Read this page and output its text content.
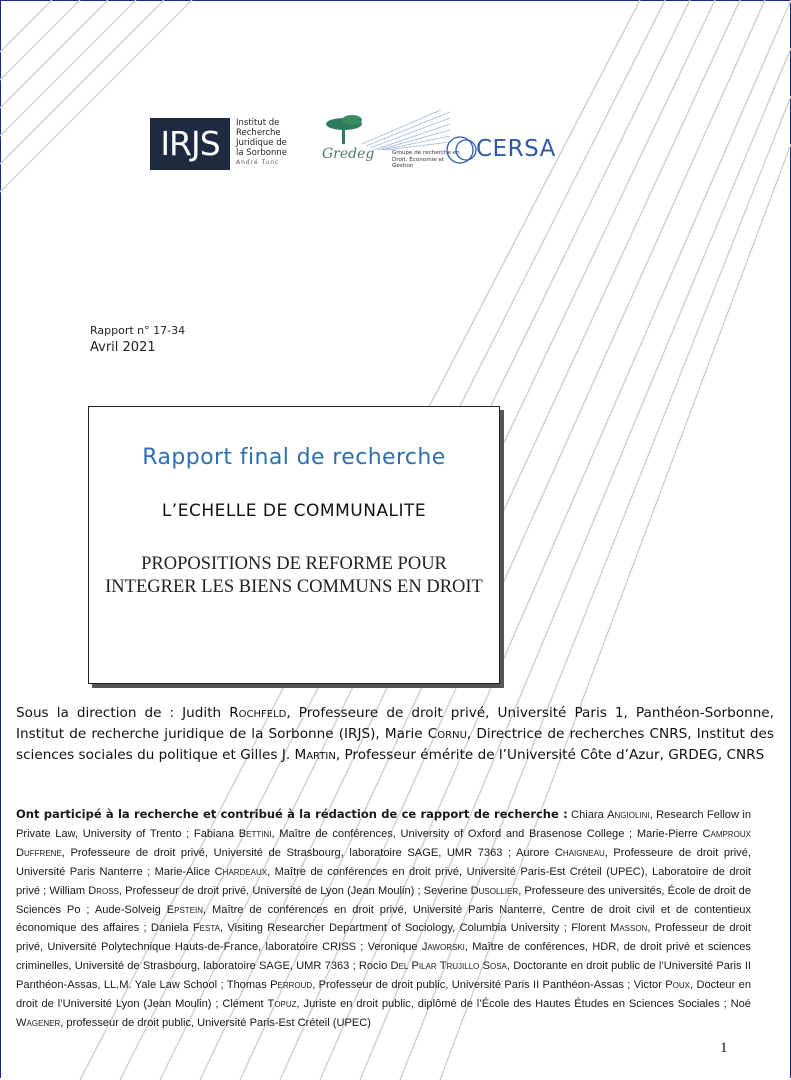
IRJS
Institut de
Recherche
Juridique de
la Sorbonne
André Tunc
Gredeg	Groupe de recherche en Droit, Economie et Gestion
CERSA
Rapport n° 17-34
Avril 2021
Rapport final de recherche
L’ECHELLE DE COMMUNALITE
PROPOSITIONS DE REFORME POUR INTEGRER LES BIENS COMMUNS EN DROIT
Sous la direction de : Judith Rochfeld, Professeure de droit privé, Université Paris 1, Panthéon-Sorbonne, Institut de recherche juridique de la Sorbonne (IRJS), Marie Cornu, Directrice de recherches CNRS, Institut des sciences sociales du politique et Gilles J. Martin, Professeur émérite de l’Université Côte d’Azur, GRDEG, CNRS
Ont participé à la recherche et contribué à la rédaction de ce rapport de recherche : Chiara Angiolini, Research Fellow in Private Law, University of Trento ; Fabiana Bettini, Maître de conférences, University of Oxford and Brasenose College ; Marie-Pierre Camproux Duffrene, Professeure de droit privé, Université de Strasbourg, laboratoire SAGE, UMR 7363 ; Aurore Chaigneau, Professeure de droit privé, Université Paris Nanterre ; Marie-Alice Chardeaux, Maître de conférences en droit privé, Université Paris-Est Créteil (UPEC), Laboratoire de droit privé ; William Dross, Professeur de droit privé, Université de Lyon (Jean Moulin) ; Severine Dusollier, Professeure des universités, École de droit de Sciences Po ; Aude-Solveig Epstein, Maître de conférences en droit privé, Université Paris Nanterre, Centre de droit civil et de contentieux économique des affaires ; Daniela Festa, Visiting Researcher Department of Sociology, Columbia University ; Florent Masson, Professeur de droit privé, Université Polytechnique Hauts-de-France, laboratoire CRISS ; Veronique Jaworski, Maître de conférences, HDR, de droit privé et sciences criminelles, Université de Strasbourg, laboratoire SAGE, UMR 7363 ; Rocio Del Pilar Trujillo Sosa, Doctorante en droit public de l’Université Paris II Panthéon-Assas, LL.M. Yale Law School ; Thomas Perroud, Professeur de droit public, Université Paris II Panthéon-Assas ; Victor Poux, Docteur en droit de l’Université Lyon (Jean Moulin) ; Clément Topuz, Juriste en droit public, diplômé de l’École des Hautes Études en Sciences Sociales ; Noé Wagener, professeur de droit public, Université Paris-Est Créteil (UPEC)
1
